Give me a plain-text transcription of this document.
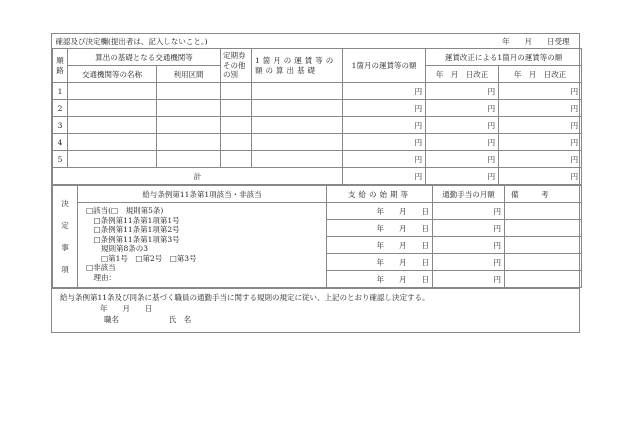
確認及び決定欄(提出者は、記入しないこと。)					年　　月　　日受理		
順路	算出の基礎となる交通機関等		定期券その他の別	1箇月の運賃等の額の算出基礎	1箇月の運賃等の額	運賃改正による1箇月の運賃等の額	
	交通機関等の名称	利用区間				年　月　日改正	年　月　日改正
1					円	円	円
2					円	円	円
3					円	円	円
4					円	円	円
5					円	円	円
計					円	円	円
決
定
事
項	給与条例第11条第1項該当・非該当	支給の始期等	通勤手当の月額	備　　　考

□該当(□　規則第5条)
　□条例第11条第1項第1号
　□条例第11条第1項第2号
　□条例第11条第1項第3号
　　規則第8条の3
　　□第1号　□第2号　□第3号
□非該当
　理由：
	年　　 月　　 日	円	
		年　　 月　　 日	円	
		年　　 月　　 日	円	
		年　　 月　　 日	円	
		年　　 月　　 日	円	
給与条例第11条及び同条に基づく職員の通勤手当に関する規則の規定に従い、上記のとおり確認し決定する。
年　　月　　日
職名	氏　名
